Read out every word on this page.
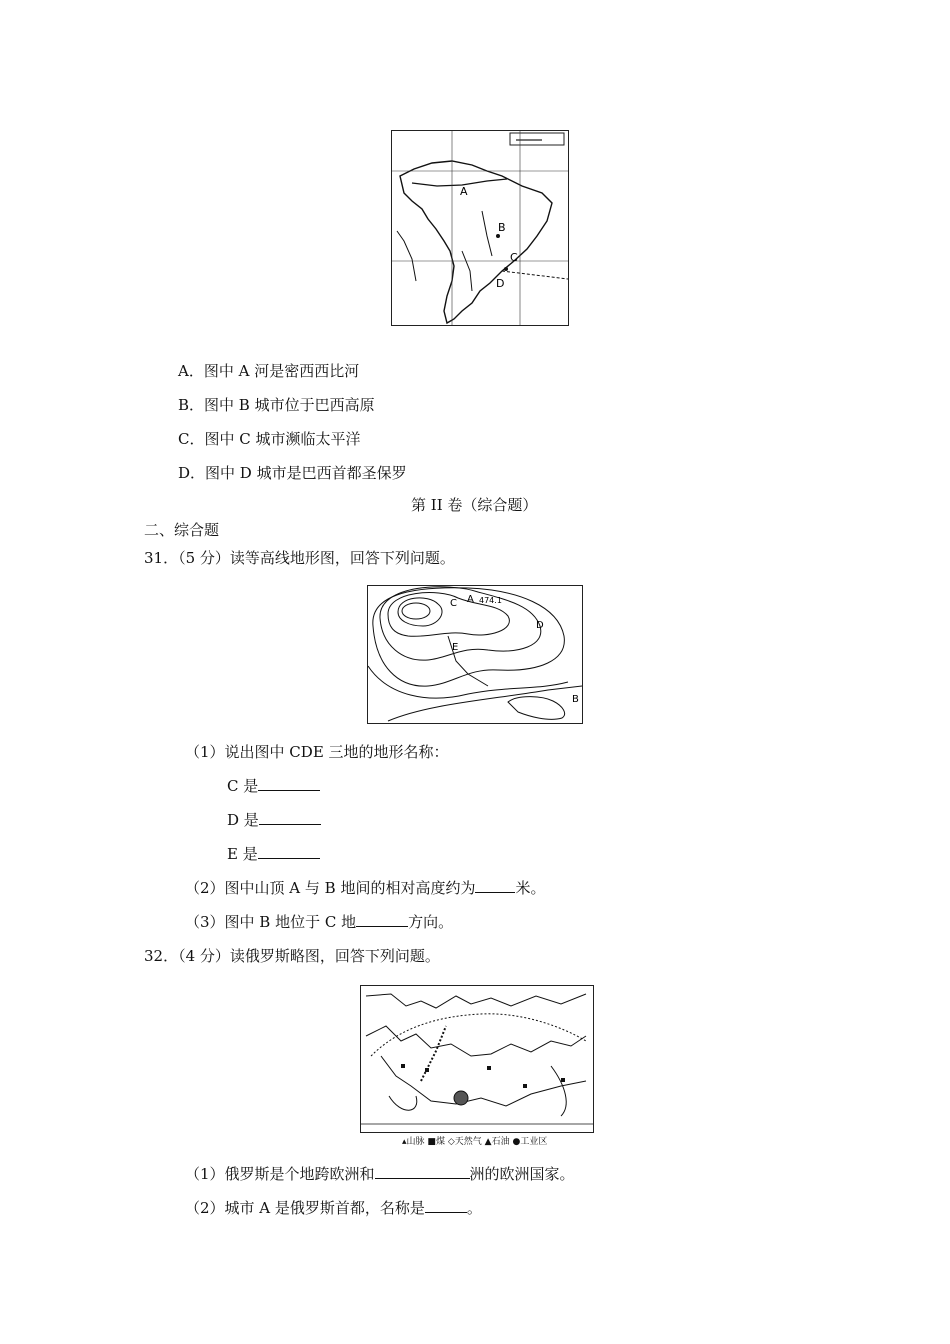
A
B
C
D
A．图中 A 河是密西西比河
B．图中 B 城市位于巴西高原
C．图中 C 城市濒临太平洋
D．图中 D 城市是巴西首都圣保罗
第 II 卷（综合题）
二、综合题
31．（5 分）读等高线地形图，回答下列问题。
C A 474.1
D
E
B
（1）说出图中 CDE 三地的地形名称：
C 是
D 是
E 是
（2）图中山顶 A 与 B 地间的相对高度约为	米。
（3）图中 B 地位于 C 地	方向。
32．（4 分）读俄罗斯略图，回答下列问题。
▴山脉 ■煤 ◇天然气 ▲石油 ●工业区
（1）俄罗斯是个地跨欧洲和	洲的欧洲国家。
（2）城市 A 是俄罗斯首都，名称是	。
